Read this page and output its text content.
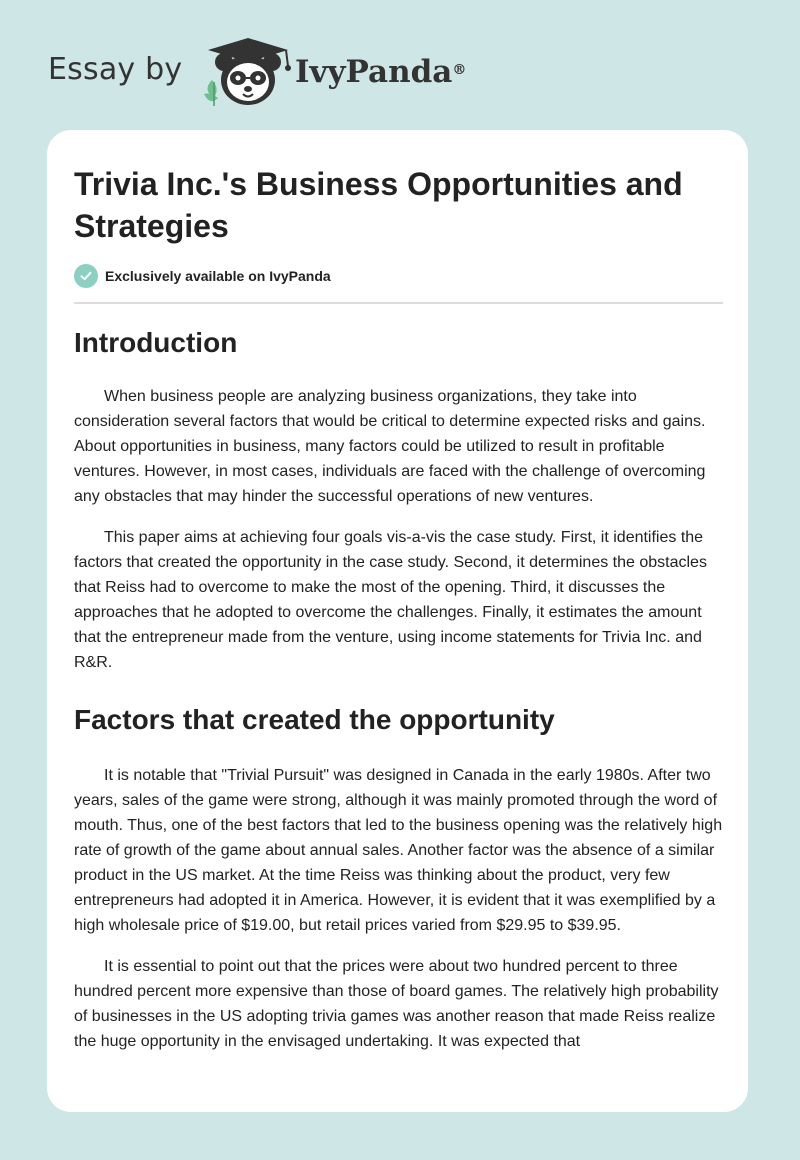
Essay by	IvyPanda®
Trivia Inc.'s Business Opportunities and Strategies
Exclusively available on IvyPanda
Introduction

When business people are analyzing business organizations, they take into consideration several factors that would be critical to determine expected risks and gains. About opportunities in business, many factors could be utilized to result in profitable ventures. However, in most cases, individuals are faced with the challenge of overcoming any obstacles that may hinder the successful operations of new ventures.

This paper aims at achieving four goals vis-a-vis the case study. First, it identifies the factors that created the opportunity in the case study. Second, it determines the obstacles that Reiss had to overcome to make the most of the opening. Third, it discusses the approaches that he adopted to overcome the challenges. Finally, it estimates the amount that the entrepreneur made from the venture, using income statements for Trivia Inc. and R&R.

Factors that created the opportunity

It is notable that "Trivial Pursuit" was designed in Canada in the early 1980s. After two years, sales of the game were strong, although it was mainly promoted through the word of mouth. Thus, one of the best factors that led to the business opening was the relatively high rate of growth of the game about annual sales. Another factor was the absence of a similar product in the US market. At the time Reiss was thinking about the product, very few entrepreneurs had adopted it in America. However, it is evident that it was exemplified by a high wholesale price of $19.00, but retail prices varied from $29.95 to $39.95.

It is essential to point out that the prices were about two hundred percent to three hundred percent more expensive than those of board games. The relatively high probability of businesses in the US adopting trivia games was another reason that made Reiss realize the huge opportunity in the envisaged undertaking. It was expected that
